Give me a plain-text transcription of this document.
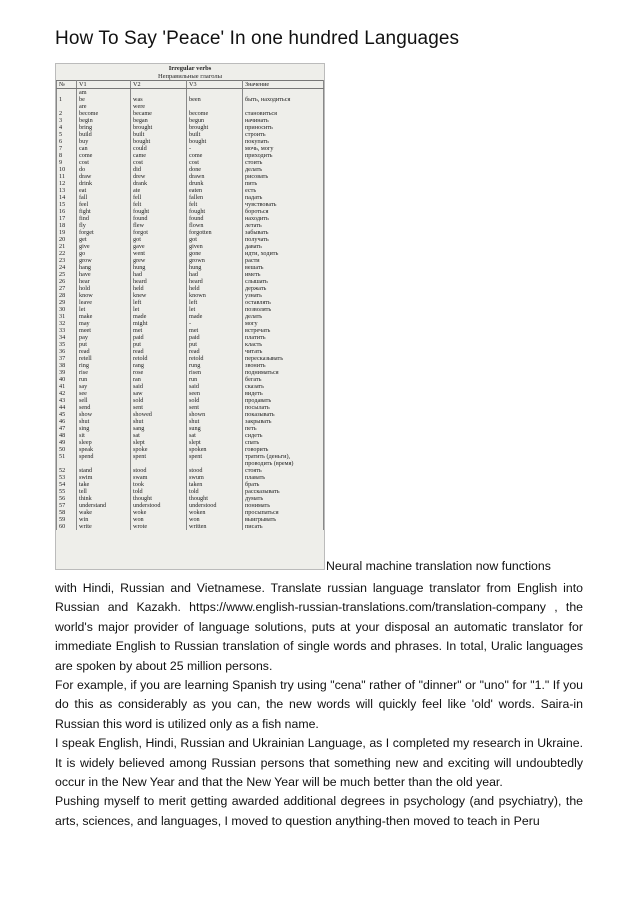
How To Say 'Peace' In one hundred Languages
Irregular verbs
Неправильные глаголы
№	V1	V2	V3	Значение
	am			
1	be	was	been	быть, находиться
	are	were		
2	become	became	become	становиться
3	begin	began	begun	начинать
4	bring	brought	brought	приносить
5	build	built	built	строить
6	buy	bought	bought	покупать
7	can	could	-	мочь, могу
8	come	came	come	приходить
9	cost	cost	cost	стоить
10	do	did	done	делать
11	draw	drew	drawn	рисовать
12	drink	drank	drunk	пить
13	eat	ate	eaten	есть
14	fall	fell	fallen	падать
15	feel	felt	felt	чувствовать
16	fight	fought	fought	бороться
17	find	found	found	находить
18	fly	flew	flown	летать
19	forget	forgot	forgotten	забывать
20	get	got	got	получать
21	give	gave	given	давать
22	go	went	gone	идти, ходить
23	grow	grew	grown	расти
24	hang	hung	hung	вешать
25	have	had	had	иметь
26	hear	heard	heard	слышать
27	hold	held	held	держать
28	know	knew	known	узнать
29	leave	left	left	оставлять
30	let	let	let	позволять
31	make	made	made	делать
32	may	might	-	могу
33	meet	met	met	встречать
34	pay	paid	paid	платить
35	put	put	put	класть
36	read	read	read	читать
37	retell	retold	retold	пересказывать
38	ring	rang	rung	звонить
39	rise	rose	risen	подниматься
40	run	ran	run	бегать
41	say	said	said	сказать
42	see	saw	seen	видеть
43	sell	sold	sold	продавать
44	send	sent	sent	посылать
45	show	showed	shown	показывать
46	shut	shut	shut	закрывать
47	sing	sang	sung	петь
48	sit	sat	sat	сидеть
49	sleep	slept	slept	спать
50	speak	spoke	spoken	говорить
51	spend	spent	spent	тратить (деньги),
				проводить (время)
52	stand	stood	stood	стоять
53	swim	swam	swum	плавать
54	take	took	taken	брать
55	tell	told	told	рассказывать
56	think	thought	thought	думать
57	understand	understood	understood	понимать
58	wake	woke	woken	просыпаться
59	win	won	won	выигрывать
60	write	wrote	written	писать
Neural machine translation now functions

with Hindi, Russian and Vietnamese. Translate russian language translator from English into Russian and Kazakh. https://www.english-russian-translations.com/translation-company , the world's major provider of language solutions, puts at your disposal an automatic translator for immediate English to Russian translation of single words and phrases. In total, Uralic languages are spoken by about 25 million persons.

For example, if you are learning Spanish try using "cena" rather of "dinner" or "uno" for "1." If you do this as considerably as you can, the new words will quickly feel like 'old' words. Saira-in Russian this word is utilized only as a fish name.

I speak English, Hindi, Russian and Ukrainian Language, as I completed my research in Ukraine. It is widely believed among Russian persons that something new and exciting will undoubtedly occur in the New Year and that the New Year will be much better than the old year.

Pushing myself to merit getting awarded additional degrees in psychology (and psychiatry), the arts, sciences, and languages, I moved to question anything-then moved to teach in Peru
